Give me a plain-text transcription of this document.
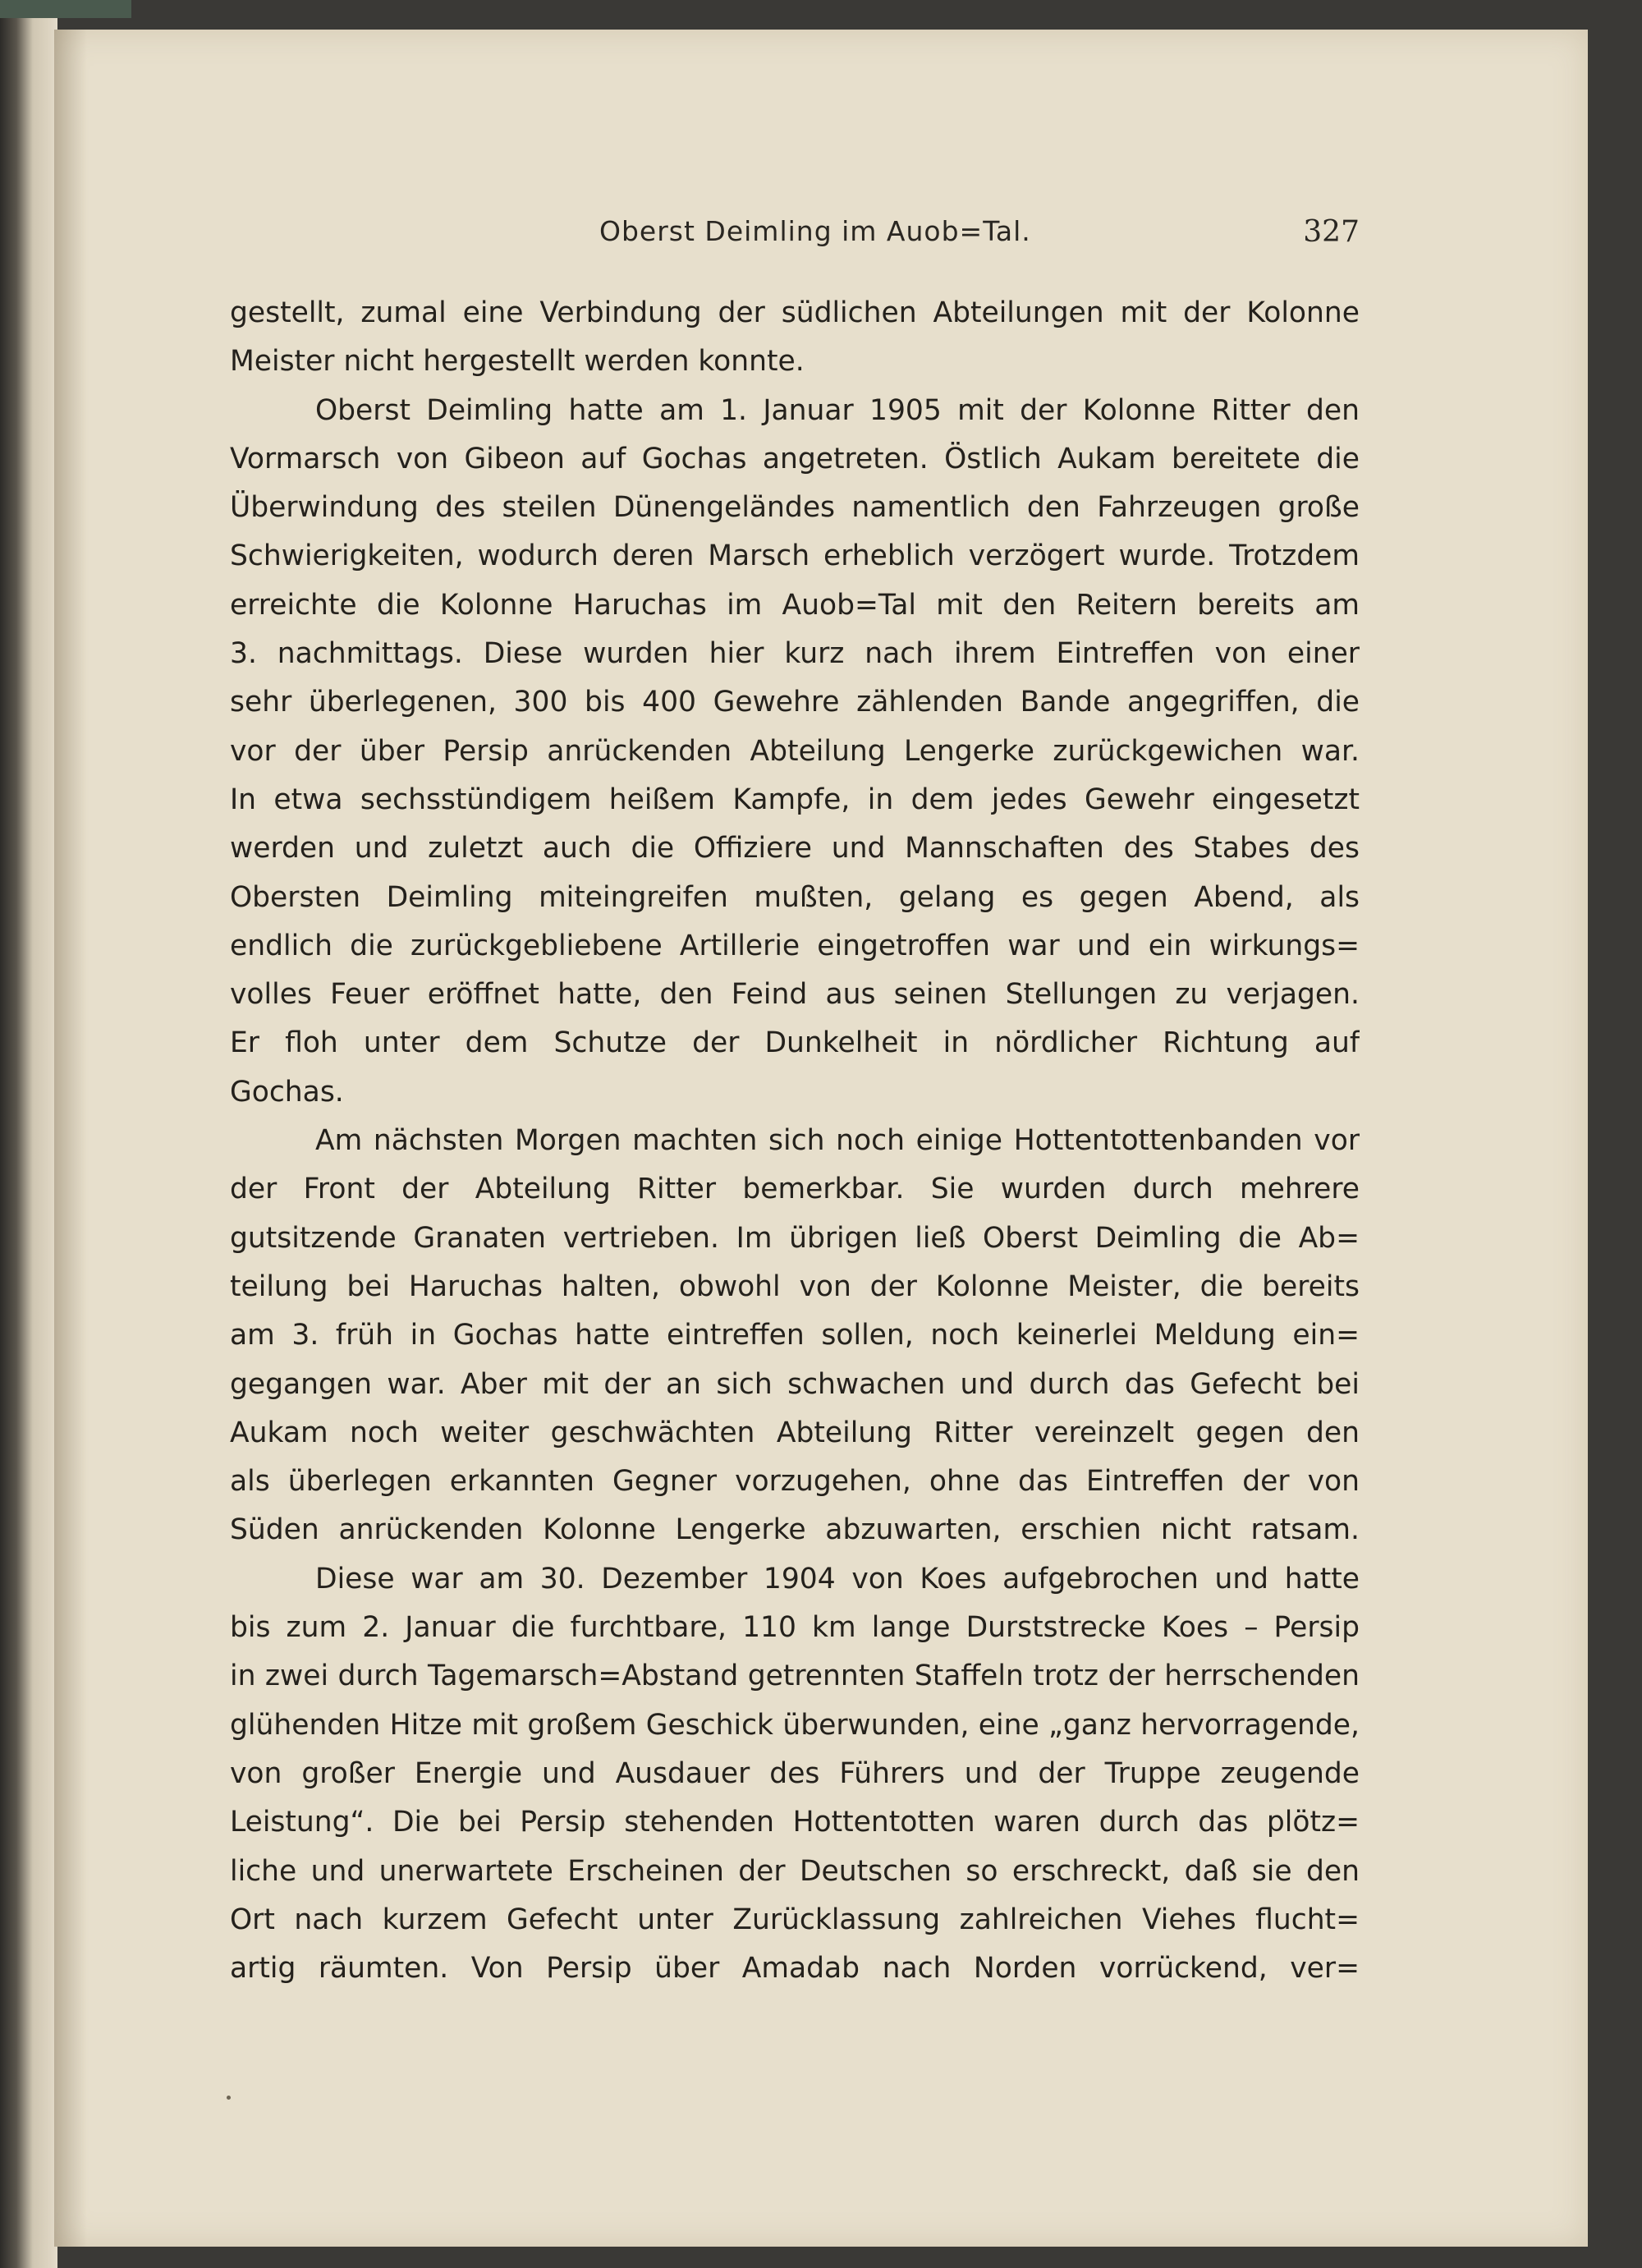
Oberst Deimling im Auob=Tal.	327
gestellt, zumal eine Verbindung der südlichen Abteilungen mit der Kolonne
Meister nicht hergestellt werden konnte.
Oberst Deimling hatte am 1. Januar 1905 mit der Kolonne Ritter den
Vormarsch von Gibeon auf Gochas angetreten. Östlich Aukam bereitete die
Überwindung des steilen Dünengeländes namentlich den Fahrzeugen große
Schwierigkeiten, wodurch deren Marsch erheblich verzögert wurde. Trotzdem
erreichte die Kolonne Haruchas im Auob=Tal mit den Reitern bereits am
3. nachmittags. Diese wurden hier kurz nach ihrem Eintreffen von einer
sehr überlegenen, 300 bis 400 Gewehre zählenden Bande angegriffen, die
vor der über Persip anrückenden Abteilung Lengerke zurückgewichen war.
In etwa sechsstündigem heißem Kampfe, in dem jedes Gewehr eingesetzt
werden und zuletzt auch die Offiziere und Mannschaften des Stabes des
Obersten Deimling miteingreifen mußten, gelang es gegen Abend, als
endlich die zurückgebliebene Artillerie eingetroffen war und ein wirkungs=
volles Feuer eröffnet hatte, den Feind aus seinen Stellungen zu verjagen.
Er floh unter dem Schutze der Dunkelheit in nördlicher Richtung auf
Gochas.
Am nächsten Morgen machten sich noch einige Hottentottenbanden vor
der Front der Abteilung Ritter bemerkbar. Sie wurden durch mehrere
gutsitzende Granaten vertrieben. Im übrigen ließ Oberst Deimling die Ab=
teilung bei Haruchas halten, obwohl von der Kolonne Meister, die bereits
am 3. früh in Gochas hatte eintreffen sollen, noch keinerlei Meldung ein=
gegangen war. Aber mit der an sich schwachen und durch das Gefecht bei
Aukam noch weiter geschwächten Abteilung Ritter vereinzelt gegen den
als überlegen erkannten Gegner vorzugehen, ohne das Eintreffen der von
Süden anrückenden Kolonne Lengerke abzuwarten, erschien nicht ratsam.
Diese war am 30. Dezember 1904 von Koes aufgebrochen und hatte
bis zum 2. Januar die furchtbare, 110 km lange Durststrecke Koes – Persip
in zwei durch Tagemarsch=Abstand getrennten Staffeln trotz der herrschenden
glühenden Hitze mit großem Geschick überwunden, eine „ganz hervorragende,
von großer Energie und Ausdauer des Führers und der Truppe zeugende
Leistung“. Die bei Persip stehenden Hottentotten waren durch das plötz=
liche und unerwartete Erscheinen der Deutschen so erschreckt, daß sie den
Ort nach kurzem Gefecht unter Zurücklassung zahlreichen Viehes flucht=
artig räumten. Von Persip über Amadab nach Norden vorrückend, ver=
